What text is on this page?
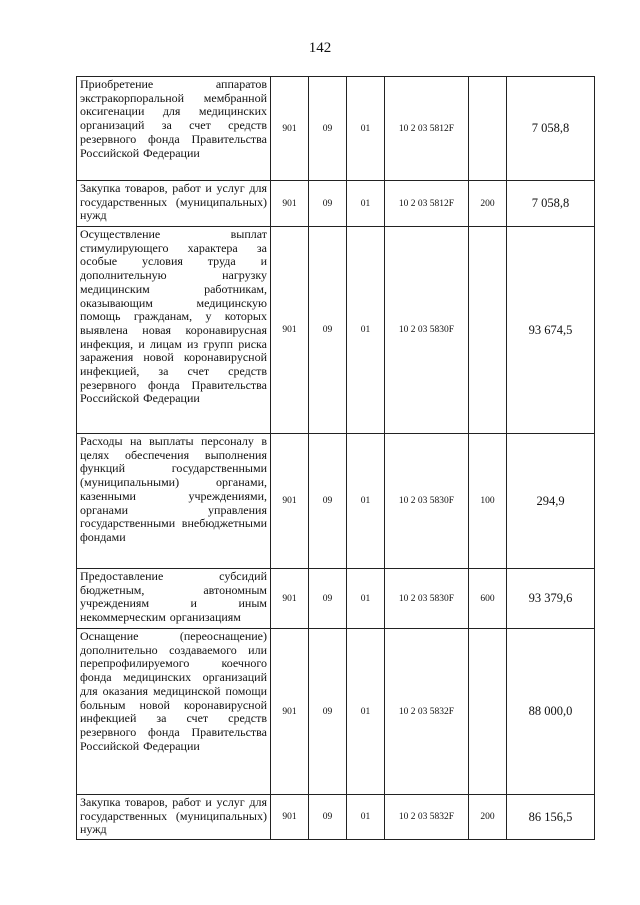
142
Приобретение аппаратов экстракорпоральной мембранной оксигенации для медицинских организаций за счет средств резервного фонда Правительства Российской Федерации	901	09	01	10 2 03 5812F		7 058,8
Закупка товаров, работ и услуг для государственных (муниципальных) нужд	901	09	01	10 2 03 5812F	200	7 058,8
Осуществление выплат стимулирующего характера за особые условия труда и дополнительную нагрузку медицинским работникам, оказывающим медицинскую помощь гражданам, у которых выявлена новая коронавирусная инфекция, и лицам из групп риска заражения новой коронавирусной инфекцией, за счет средств резервного фонда Правительства Российской Федерации	901	09	01	10 2 03 5830F		93 674,5
Расходы на выплаты персоналу в целях обеспечения выполнения функций государственными (муниципальными) органами, казенными учреждениями, органами управления государственными внебюджетными фондами	901	09	01	10 2 03 5830F	100	294,9
Предоставление субсидий бюджетным, автономным учреждениям и иным некоммерческим организациям	901	09	01	10 2 03 5830F	600	93 379,6
Оснащение (переоснащение) дополнительно создаваемого или перепрофилируемого коечного фонда медицинских организаций для оказания медицинской помощи больным новой коронавирусной инфекцией за счет средств резервного фонда Правительства Российской Федерации	901	09	01	10 2 03 5832F		88 000,0
Закупка товаров, работ и услуг для государственных (муниципальных) нужд	901	09	01	10 2 03 5832F	200	86 156,5
